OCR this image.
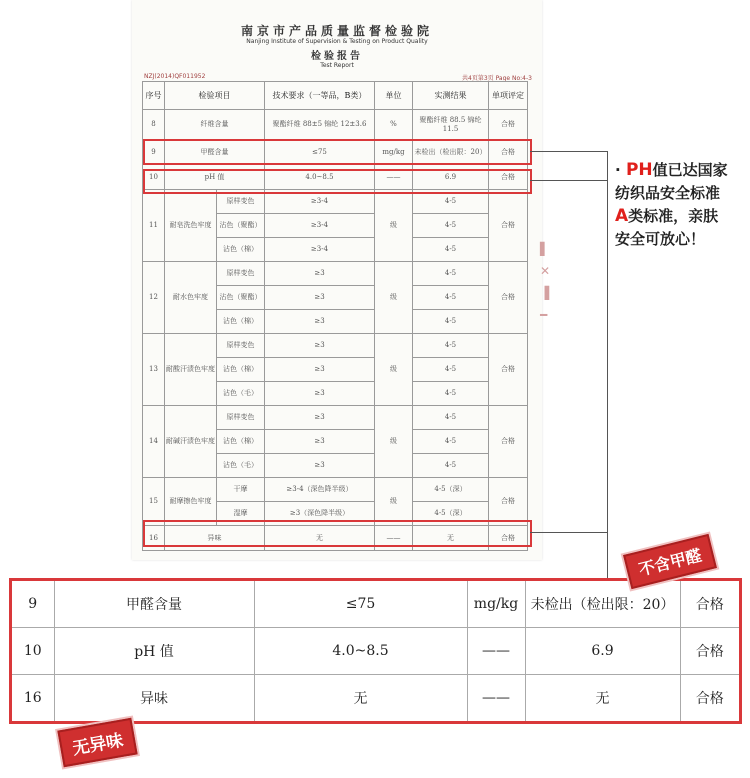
南京市产品质量监督检验院
Nanjing Institute of Supervision & Testing on Product Quality
检验报告
Test Report
NZJ(2014)QF011952	共4页第3页 Page No:4-3
序号	检验项目		技术要求（一等品，B类）	单位	实测结果	单项评定
8	纤维含量		聚酯纤维 88±5 锦纶 12±3.6	%	聚酯纤维 88.5 锦纶 11.5	合格
9	甲醛含量		≤75	mg/kg	未检出（检出限：20）	合格
10	pH 值		4.0~8.5	——	6.9	合格
11	耐皂洗色牢度	原样变色	≥3-4	级	4-5	合格
		沾色（聚酯）	≥3-4		4-5	
		沾色（棉）	≥3-4		4-5	
12	耐水色牢度	原样变色	≥3	级	4-5	合格
		沾色（聚酯）	≥3		4-5	
		沾色（棉）	≥3		4-5	
13	耐酸汗渍色牢度	原样变色	≥3	级	4-5	合格
		沾色（棉）	≥3		4-5	
		沾色（毛）	≥3		4-5	
14	耐碱汗渍色牢度	原样变色	≥3	级	4-5	合格
		沾色（棉）	≥3		4-5	
		沾色（毛）	≥3		4-5	
15	耐摩擦色牢度	干摩	≥3-4（深色降半级）	级	4-5（深）	合格
		湿摩	≥3（深色降半级）		4-5（深）	
16	异味		无	——	无	合格
▌
✕
▐
━
· PH值已达国家
纺织品安全标准
A类标准，亲肤
安全可放心！
9	甲醛含量	≤75	mg/kg	未检出（检出限：20）	合格
10	pH 值	4.0~8.5	——	6.9	合格
16	异味	无	——	无	合格
不含甲醛
无异味
